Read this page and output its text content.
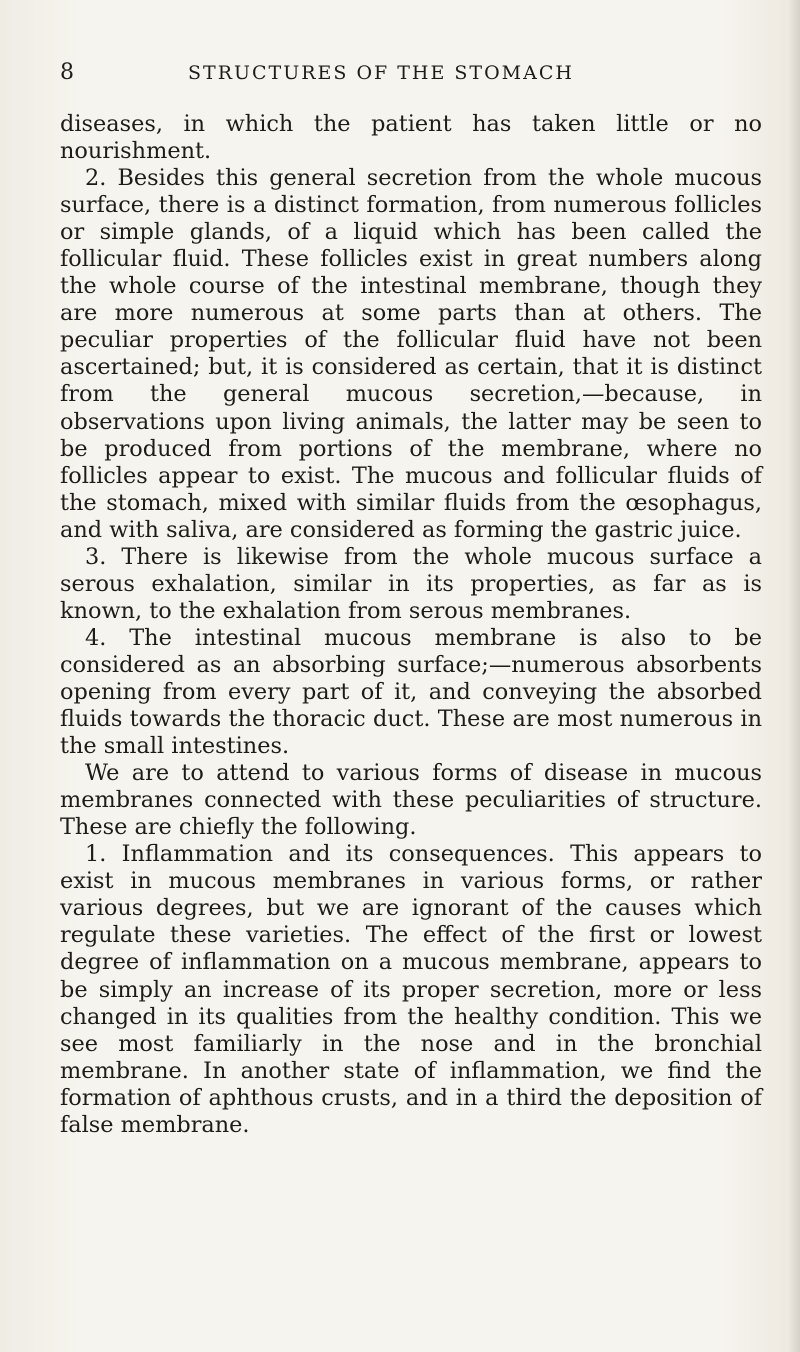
8	STRUCTURES OF THE STOMACH

diseases, in which the patient has taken little or no nourishment.

2. Besides this general secretion from the whole mucous surface, there is a distinct formation, from numerous follicles or simple glands, of a liquid which has been called the follicular fluid. These follicles exist in great numbers along the whole course of the intestinal membrane, though they are more numerous at some parts than at others. The peculiar properties of the follicular fluid have not been ascertained; but, it is considered as certain, that it is distinct from the general mucous secretion,—because, in observations upon living animals, the latter may be seen to be produced from portions of the membrane, where no follicles appear to exist. The mucous and follicular fluids of the stomach, mixed with similar fluids from the œsophagus, and with saliva, are considered as forming the gastric juice.

3. There is likewise from the whole mucous surface a serous exhalation, similar in its properties, as far as is known, to the exhalation from serous membranes.

4. The intestinal mucous membrane is also to be considered as an absorbing surface;—numerous absorbents opening from every part of it, and conveying the absorbed fluids towards the thoracic duct. These are most numerous in the small intestines.

We are to attend to various forms of disease in mucous membranes connected with these peculiarities of structure. These are chiefly the following.

1. Inflammation and its consequences. This appears to exist in mucous membranes in various forms, or rather various degrees, but we are ignorant of the causes which regulate these varieties. The effect of the first or lowest degree of inflammation on a mucous membrane, appears to be simply an increase of its proper secretion, more or less changed in its qualities from the healthy condition. This we see most familiarly in the nose and in the bronchial membrane. In another state of inflammation, we find the formation of aphthous crusts, and in a third the deposition of false membrane.
